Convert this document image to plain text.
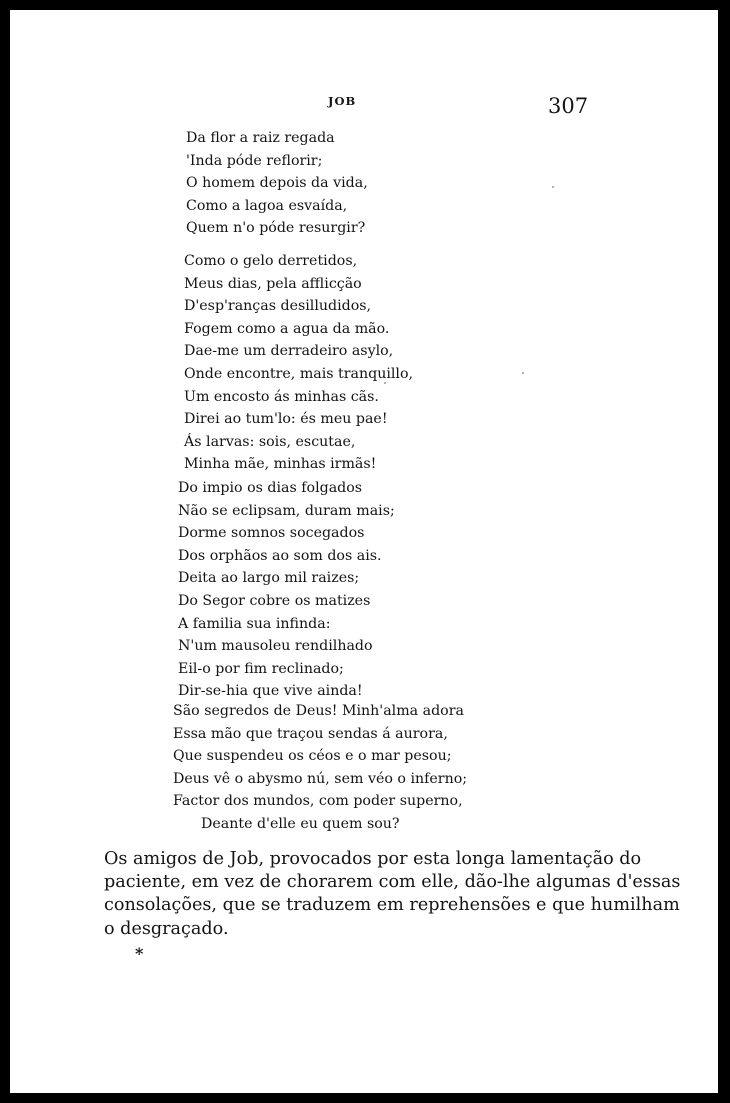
JOB	307
Da flor a raiz regada
'Inda póde reflorir;
O homem depois da vida,
Como a lagoa esvaída,
Quem n'o póde resurgir?
Como o gelo derretidos,
Meus dias, pela afflicção
D'esp'ranças desilludidos,
Fogem como a agua da mão.
Dae-me um derradeiro asylo,
Onde encontre, mais tranquillo,
Um encosto ás minhas cãs.
Direi ao tum'lo: és meu pae!
Ás larvas: sois, escutae,
Minha mãe, minhas irmãs!
Do impio os dias folgados
Não se eclipsam, duram mais;
Dorme somnos socegados
Dos orphãos ao som dos ais.
Deita ao largo mil raizes;
Do Segor cobre os matizes
A familia sua infinda:
N'um mausoleu rendilhado
Eil-o por fim reclinado;
Dir-se-hia que vive ainda!
São segredos de Deus! Minh'alma adora
Essa mão que traçou sendas á aurora,
Que suspendeu os céos e o mar pesou;
Deus vê o abysmo nú, sem véo o inferno;
Factor dos mundos, com poder superno,
Deante d'elle eu quem sou?

Os amigos de Job, provocados por esta longa lamentação do
paciente, em vez de chorarem com elle, dão-lhe algumas d'essas
consolações, que se traduzem em reprehensões e que humilham
o desgraçado.

*
